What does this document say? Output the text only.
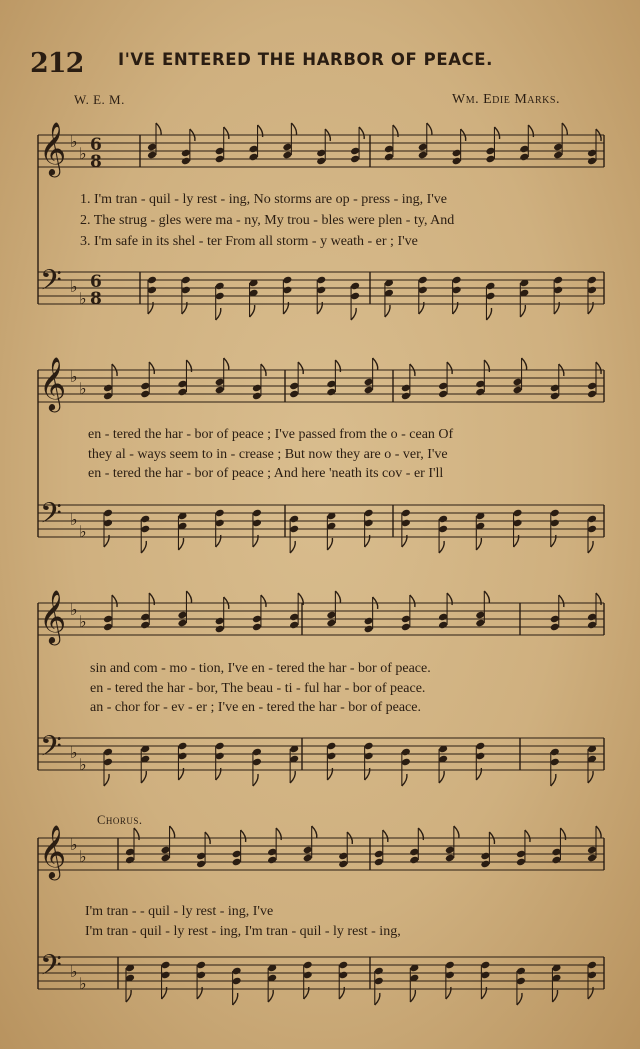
212 I'VE ENTERED THE HARBOR OF PEACE.
W. E. M.	Wm. Edie Marks.
𝄞
𝄢
♭
♭
♭
♭
6
8
6
8
𝄞
𝄢
♭
♭
♭
♭
𝄞
𝄢
♭
♭
♭
♭
𝄞
𝄢
♭
♭
♭
♭
1. I'm tran - quil - ly rest - ing, No storms are op - press - ing, I've
2. The strug - gles were ma - ny, My trou - bles were plen - ty, And
3. I'm safe in its shel - ter From all storm - y weath - er ; I've
en - tered the har - bor of peace ; I've passed from the o - cean Of
they al - ways seem to in - crease ; But now they are o - ver, I've
en - tered the har - bor of peace ; And here 'neath its cov - er I'll
sin and com - mo - tion, I've en - tered the har - bor of peace.
en - tered the har - bor, The beau - ti - ful har - bor of peace.
an - chor for - ev - er ; I've en - tered the har - bor of peace.
Chorus.
I'm tran - - quil - ly rest - ing, I've
I'm tran - quil - ly rest - ing, I'm tran - quil - ly rest - ing,
